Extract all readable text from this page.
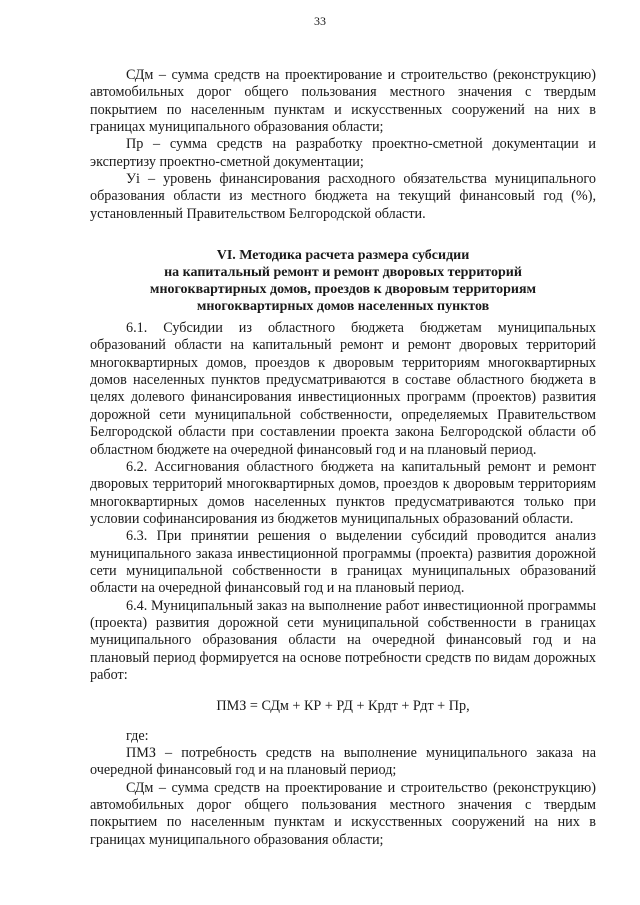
33

СДм – сумма средств на проектирование и строительство (реконструкцию) автомобильных дорог общего пользования местного значения с твердым покрытием по населенным пунктам и искусственных сооружений на них в границах муниципального образования области;

Пр – сумма средств на разработку проектно-сметной документации и экспертизу проектно-сметной документации;

Уi – уровень финансирования расходного обязательства муниципального образования области из местного бюджета на текущий финансовый год (%), установленный Правительством Белгородской области.

VI. Методика расчета размера субсидии
на капитальный ремонт и ремонт дворовых территорий
многоквартирных домов, проездов к дворовым территориям
многоквартирных домов населенных пунктов

6.1. Субсидии из областного бюджета бюджетам муниципальных образований области на капитальный ремонт и ремонт дворовых территорий многоквартирных домов, проездов к дворовым территориям многоквартирных домов населенных пунктов предусматриваются в составе областного бюджета в целях долевого финансирования инвестиционных программ (проектов) развития дорожной сети муниципальной собственности, определяемых Правительством Белгородской области при составлении проекта закона Белгородской области об областном бюджете на очередной финансовый год и на плановый период.

6.2. Ассигнования областного бюджета на капитальный ремонт и ремонт дворовых территорий многоквартирных домов, проездов к дворовым территориям многоквартирных домов населенных пунктов предусматриваются только при условии софинансирования из бюджетов муниципальных образований области.

6.3. При принятии решения о выделении субсидий проводится анализ муниципального заказа инвестиционной программы (проекта) развития дорожной сети муниципальной собственности в границах муниципальных образований области на очередной финансовый год и на плановый период.

6.4. Муниципальный заказ на выполнение работ инвестиционной программы (проекта) развития дорожной сети муниципальной собственности в границах муниципального образования области на очередной финансовый год и на плановый период формируется на основе потребности средств по видам дорожных работ:

ПМЗ = СДм + КР + РД + Крдт + Рдт + Пр,

где:

ПМЗ – потребность средств на выполнение муниципального заказа на очередной финансовый год и на плановый период;

СДм – сумма средств на проектирование и строительство (реконструкцию) автомобильных дорог общего пользования местного значения с твердым покрытием по населенным пунктам и искусственных сооружений на них в границах муниципального образования области;
